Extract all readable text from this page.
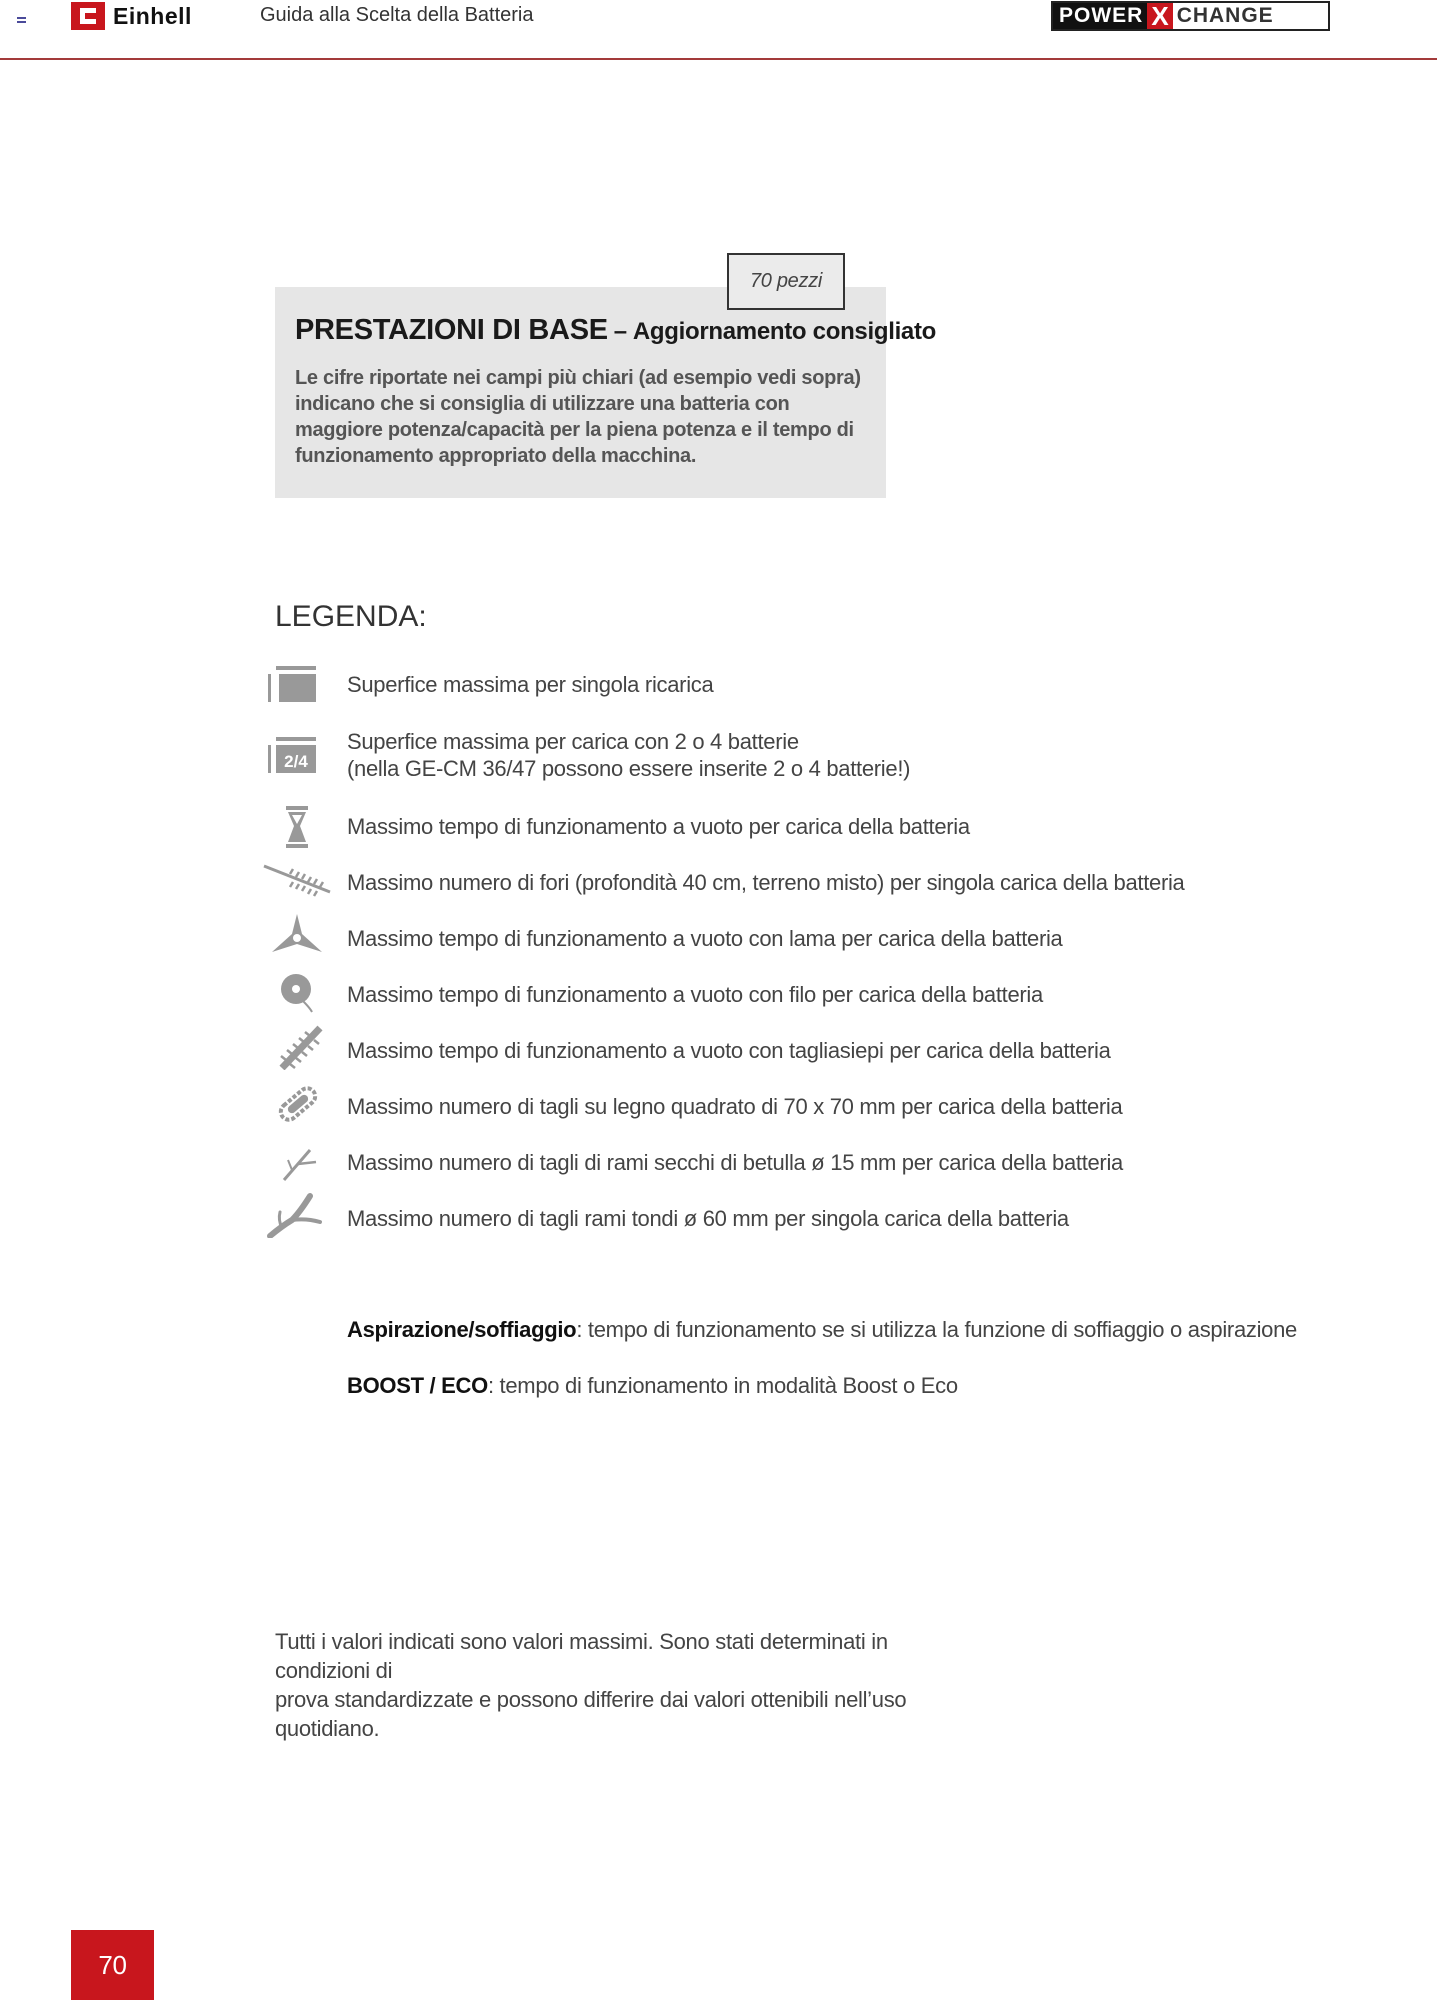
Einhell	Guida alla Scelta della Batteria	POWER X CHANGE
70 pezzi
PRESTAZIONI DI BASE – Aggiornamento consigliato
Le cifre riportate nei campi più chiari (ad esempio vedi sopra) indicano che si consiglia di utilizzare una batteria con maggiore potenza/capacità per la piena potenza e il tempo di funzionamento appropriato della macchina.
LEGENDA:
Superfice massima per singola ricarica
2/4
Superfice massima per carica con 2 o 4 batterie
(nella GE-CM 36/47 possono essere inserite 2 o 4 batterie!)
Massimo tempo di funzionamento a vuoto per carica della batteria
Massimo numero di fori (profondità 40 cm, terreno misto) per singola carica della batteria
Massimo tempo di funzionamento a vuoto con lama per carica della batteria
Massimo tempo di funzionamento a vuoto con filo per carica della batteria
Massimo tempo di funzionamento a vuoto con tagliasiepi per carica della batteria
Massimo numero di tagli su legno quadrato di 70 x 70 mm per carica della batteria
Massimo numero di tagli di rami secchi di betulla ø 15 mm per carica della batteria
Massimo numero di tagli rami tondi ø 60 mm per singola carica della batteria
Aspirazione/soffiaggio: tempo di funzionamento se si utilizza la funzione di soffiaggio o aspirazione
BOOST / ECO: tempo di funzionamento in modalità Boost o Eco
Tutti i valori indicati sono valori massimi. Sono stati determinati in condizioni di
prova standardizzate e possono differire dai valori ottenibili nell’uso quotidiano.
70
